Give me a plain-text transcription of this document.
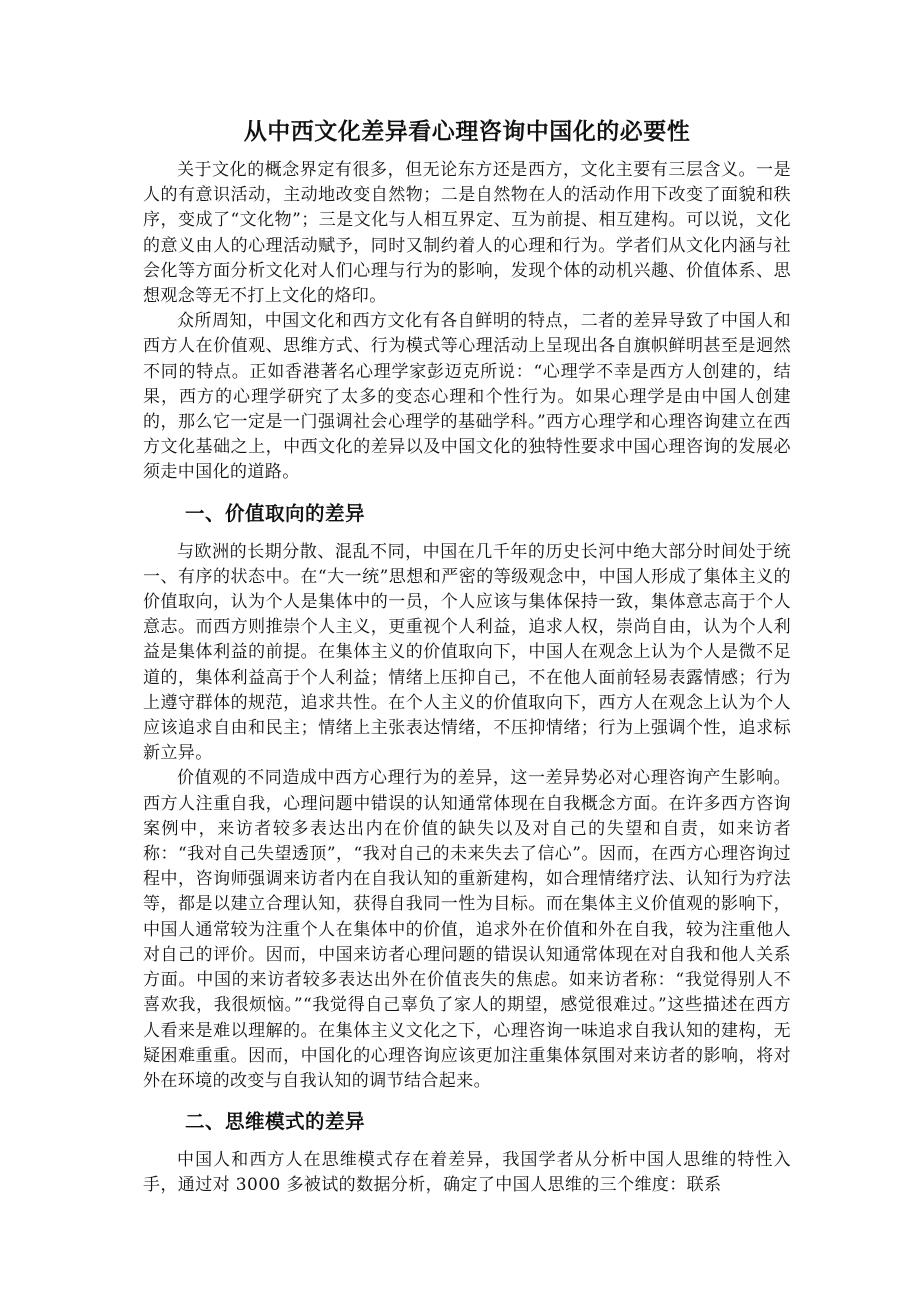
从中西文化差异看心理咨询中国化的必要性

关于文化的概念界定有很多，但无论东方还是西方，文化主要有三层含义。一是人的有意识活动，主动地改变自然物；二是自然物在人的活动作用下改变了面貌和秩序，变成了“文化物”；三是文化与人相互界定、互为前提、相互建构。可以说，文化的意义由人的心理活动赋予，同时又制约着人的心理和行为。学者们从文化内涵与社会化等方面分析文化对人们心理与行为的影响，发现个体的动机兴趣、价值体系、思想观念等无不打上文化的烙印。

众所周知，中国文化和西方文化有各自鲜明的特点，二者的差异导致了中国人和西方人在价值观、思维方式、行为模式等心理活动上呈现出各自旗帜鲜明甚至是迥然不同的特点。正如香港著名心理学家彭迈克所说：“心理学不幸是西方人创建的，结果，西方的心理学研究了太多的变态心理和个性行为。如果心理学是由中国人创建的，那么它一定是一门强调社会心理学的基础学科。”西方心理学和心理咨询建立在西方文化基础之上，中西文化的差异以及中国文化的独特性要求中国心理咨询的发展必须走中国化的道路。

一、价值取向的差异

与欧洲的长期分散、混乱不同，中国在几千年的历史长河中绝大部分时间处于统一、有序的状态中。在“大一统”思想和严密的等级观念中，中国人形成了集体主义的价值取向，认为个人是集体中的一员，个人应该与集体保持一致，集体意志高于个人意志。而西方则推崇个人主义，更重视个人利益，追求人权，崇尚自由，认为个人利益是集体利益的前提。在集体主义的价值取向下，中国人在观念上认为个人是微不足道的，集体利益高于个人利益；情绪上压抑自己，不在他人面前轻易表露情感；行为上遵守群体的规范，追求共性。在个人主义的价值取向下，西方人在观念上认为个人应该追求自由和民主；情绪上主张表达情绪，不压抑情绪；行为上强调个性，追求标新立异。

价值观的不同造成中西方心理行为的差异，这一差异势必对心理咨询产生影响。西方人注重自我，心理问题中错误的认知通常体现在自我概念方面。在许多西方咨询案例中，来访者较多表达出内在价值的缺失以及对自己的失望和自责，如来访者称：“我对自己失望透顶”，“我对自己的未来失去了信心”。因而，在西方心理咨询过程中，咨询师强调来访者内在自我认知的重新建构，如合理情绪疗法、认知行为疗法等，都是以建立合理认知，获得自我同一性为目标。而在集体主义价值观的影响下，中国人通常较为注重个人在集体中的价值，追求外在价值和外在自我，较为注重他人对自己的评价。因而，中国来访者心理问题的错误认知通常体现在对自我和他人关系方面。中国的来访者较多表达出外在价值丧失的焦虑。如来访者称：“我觉得别人不喜欢我，我很烦恼。”“我觉得自己辜负了家人的期望，感觉很难过。”这些描述在西方人看来是难以理解的。在集体主义文化之下，心理咨询一味追求自我认知的建构，无疑困难重重。因而，中国化的心理咨询应该更加注重集体氛围对来访者的影响，将对外在环境的改变与自我认知的调节结合起来。

二、思维模式的差异

中国人和西方人在思维模式存在着差异，我国学者从分析中国人思维的特性入手，通过对 3000 多被试的数据分析，确定了中国人思维的三个维度：联系
